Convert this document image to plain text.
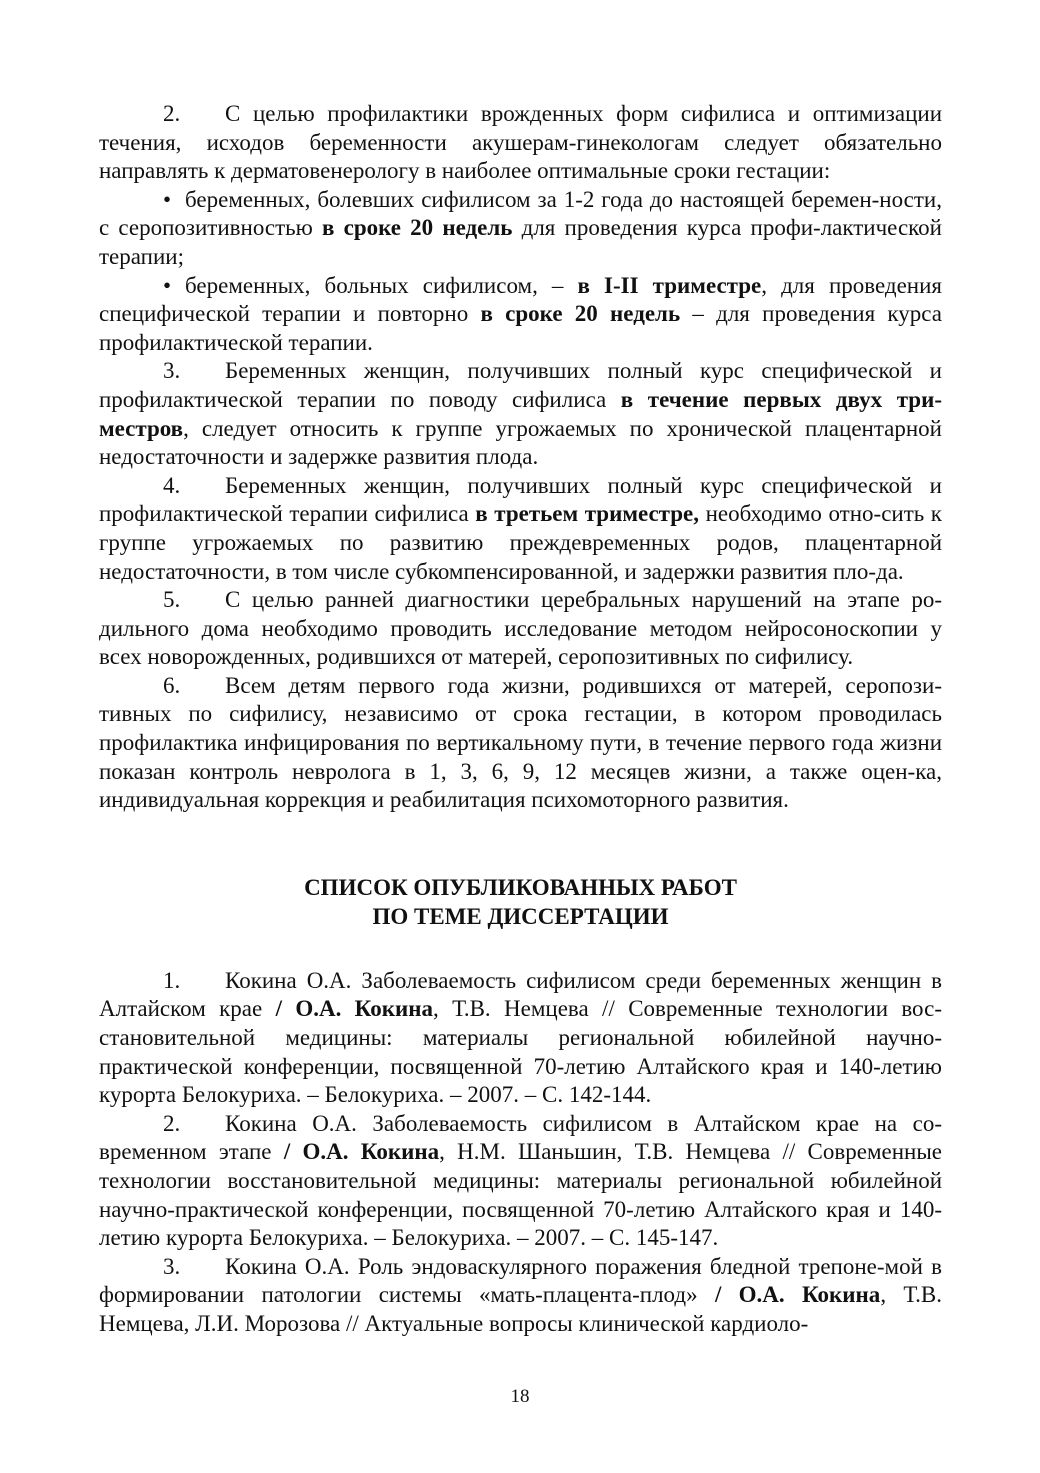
2. С целью профилактики врожденных форм сифилиса и оптимизации течения, исходов беременности акушерам-гинекологам следует обязательно направлять к дерматовенерологу в наиболее оптимальные сроки гестации:

• беременных, болевших сифилисом за 1-2 года до настоящей беремен-ности, с серопозитивностью в сроке 20 недель для проведения курса профи-лактической терапии;

• беременных, больных сифилисом, – в I-II триместре, для проведения специфической терапии и повторно в сроке 20 недель – для проведения курса профилактической терапии.

3. Беременных женщин, получивших полный курс специфической и профилактической терапии по поводу сифилиса в течение первых двух три-местров, следует относить к группе угрожаемых по хронической плацентарной недостаточности и задержке развития плода.

4. Беременных женщин, получивших полный курс специфической и профилактической терапии сифилиса в третьем триместре, необходимо отно-сить к группе угрожаемых по развитию преждевременных родов, плацентарной недостаточности, в том числе субкомпенсированной, и задержки развития пло-да.

5. С целью ранней диагностики церебральных нарушений на этапе ро-дильного дома необходимо проводить исследование методом нейросоноскопии у всех новорожденных, родившихся от матерей, серопозитивных по сифилису.

6. Всем детям первого года жизни, родившихся от матерей, серопози-тивных по сифилису, независимо от срока гестации, в котором проводилась профилактика инфицирования по вертикальному пути, в течение первого года жизни показан контроль невролога в 1, 3, 6, 9, 12 месяцев жизни, а также оцен-ка, индивидуальная коррекция и реабилитация психомоторного развития.

СПИСОК ОПУБЛИКОВАННЫХ РАБОТ
ПО ТЕМЕ ДИССЕРТАЦИИ

1. Кокина О.А. Заболеваемость сифилисом среди беременных женщин в Алтайском крае / О.А. Кокина, Т.В. Немцева // Современные технологии вос-становительной медицины: материалы региональной юбилейной научно-практической конференции, посвященной 70-летию Алтайского края и 140-летию курорта Белокуриха. – Белокуриха. – 2007. – С. 142-144.

2. Кокина О.А. Заболеваемость сифилисом в Алтайском крае на со-временном этапе / О.А. Кокина, Н.М. Шаньшин, Т.В. Немцева // Современные технологии восстановительной медицины: материалы региональной юбилейной научно-практической конференции, посвященной 70-летию Алтайского края и 140-летию курорта Белокуриха. – Белокуриха. – 2007. – С. 145-147.

3. Кокина О.А. Роль эндоваскулярного поражения бледной трепоне-мой в формировании патологии системы «мать-плацента-плод» / О.А. Кокина, Т.В. Немцева, Л.И. Морозова // Актуальные вопросы клинической кардиоло-

18
